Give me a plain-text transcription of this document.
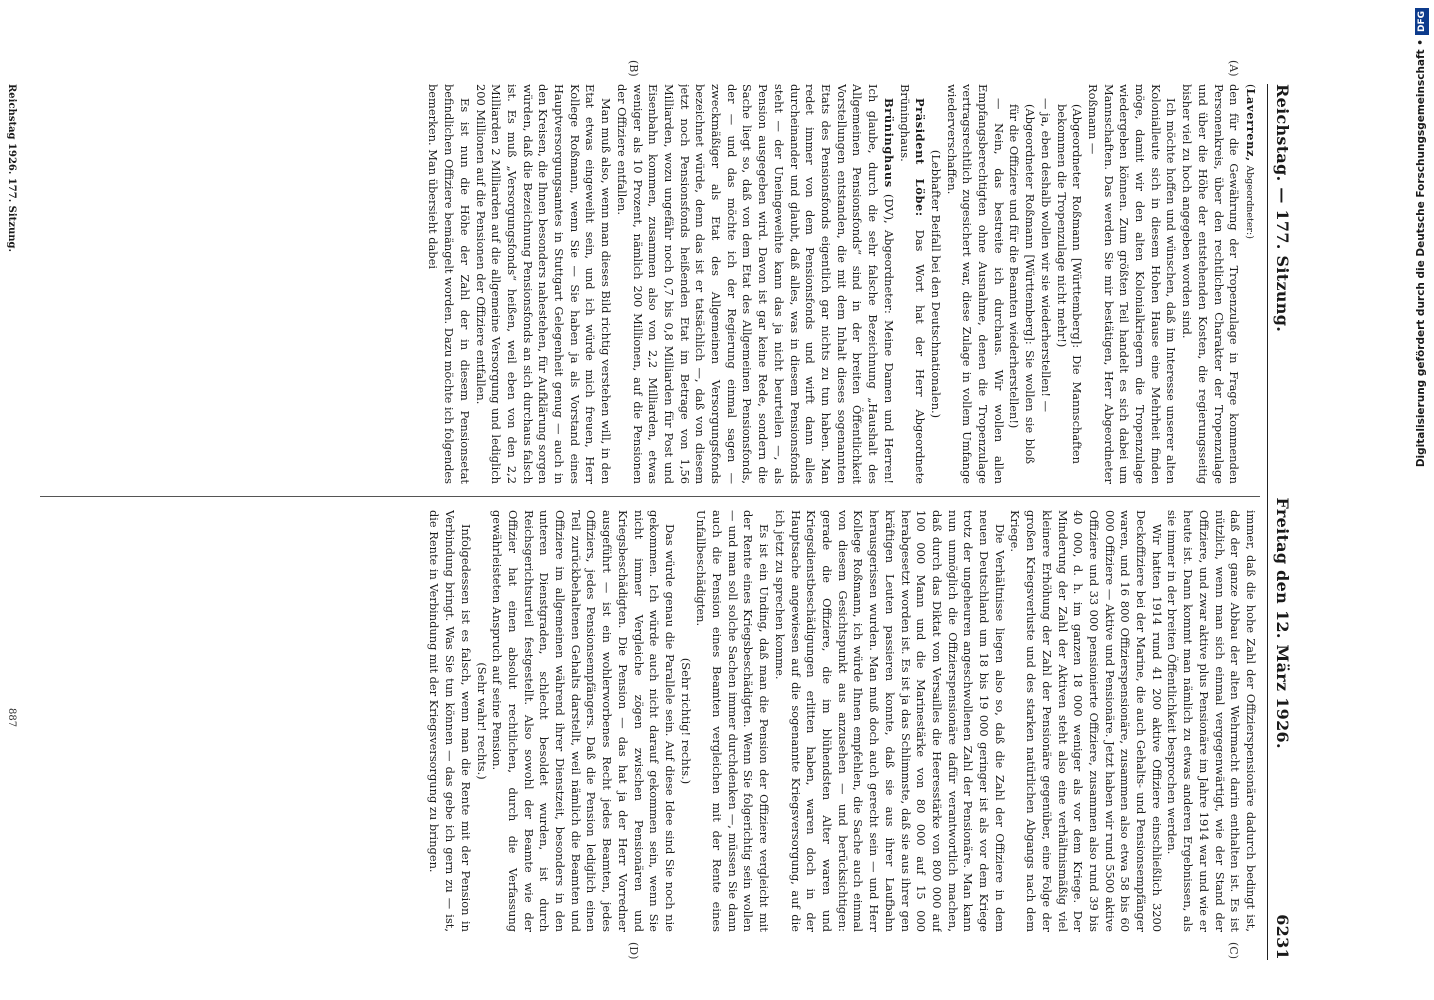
Reichstag. — 177. Sitzung.
Freitag den 12. März 1926.
6231
(A)
(B)
(C)
(D)

(Laverrenz, Abgeordneter:)

den für die Gewährung der Tropenzulage in Frage kommenden Personenkreis, über den rechtlichen Charakter der Tropenzulage und über die Höhe der entstehenden Kosten, die regierungsseitig bisher viel zu hoch angegeben worden sind.

Ich möchte hoffen und wünschen, daß im Interesse unserer alten Kolonialleute sich in diesem Hohen Hause eine Mehrheit finden möge, damit wir den alten Kolonialkriegern die Tropenzulage wiedergeben können. Zum größten Teil handelt es sich dabei um Mannschaften. Das werden Sie mir bestätigen, Herr Abgeordneter Roßmann —

(Abgeordneter Roßmann [Württemberg]: Die Mannschaften bekommen die Tropenzulage nicht mehr!)

— ja, eben deshalb wollen wir sie wiederherstellen! —

(Abgeordneter Roßmann [Württemberg]: Sie wollen sie bloß für die Offiziere und für die Beamten wiederherstellen!)

— Nein, das bestreite ich durchaus. Wir wollen allen Empfangsberechtigten ohne Ausnahme, denen die Tropenzulage vertragsrechtlich zugesichert war, diese Zulage in vollem Umfange wiederverschaffen.

(Lebhafter Beifall bei den Deutschnationalen.)

Präsident Löbe: Das Wort hat der Herr Abgeordnete Brüninghaus.

Brüninghaus (DV), Abgeordneter: Meine Damen und Herren! Ich glaube, durch die sehr falsche Bezeichnung „Haushalt des Allgemeinen Pensionsfonds“ sind in der breiten Öffentlichkeit Vorstellungen entstanden, die mit dem Inhalt dieses sogenannten Etats des Pensionsfonds eigentlich gar nichts zu tun haben. Man redet immer von dem Pensionsfonds und wirft dann alles durcheinander und glaubt, daß alles, was in diesem Pensionsfonds steht — der Uneingeweihte kann das ja nicht beurteilen —, als Pension ausgegeben wird. Davon ist gar keine Rede, sondern die Sache liegt so, daß von dem Etat des Allgemeinen Pensionsfonds, der — und das möchte ich der Regierung einmal sagen — zweckmäßiger als Etat des Allgemeinen Versorgungsfonds bezeichnet würde, denn das ist er tatsächlich —, daß von diesem jetzt noch Pensionsfonds heißenden Etat im Betrage von 1,56 Milliarden, wozu ungefähr noch 0,7 bis 0,8 Milliarden für Post und Eisenbahn kommen, zusammen also von 2,2 Milliarden, etwas weniger als 10 Prozent, nämlich 200 Millionen, auf die Pensionen der Offiziere entfallen.

Man muß also, wenn man dieses Bild richtig verstehen will, in den Etat etwas eingeweiht sein, und ich würde mich freuen, Herr Kollege Roßmann, wenn Sie — Sie haben ja als Vorstand eines Hauptversorgungsamtes in Stuttgart Gelegenheit genug — auch in den Kreisen, die Ihnen besonders nahestehen, für Aufklärung sorgen würden, daß die Bezeichnung Pensionsfonds an sich durchaus falsch ist. Es muß „Versorgungsfonds“ heißen, weil eben von den 2,2 Milliarden 2 Milliarden auf die allgemeine Versorgung und lediglich 200 Millionen auf die Pensionen der Offiziere entfallen.

Es ist nun die Höhe der Zahl der in diesem Pensionsetat befindlichen Offiziere bemängelt worden. Dazu möchte ich folgendes bemerken. Man übersieht dabei

immer, daß die hohe Zahl der Offizierspensionäre dadurch bedingt ist, daß der ganze Abbau der alten Wehrmacht darin enthalten ist. Es ist nützlich, wenn man sich einmal vergegenwärtigt, wie der Stand der Offiziere, und zwar aktive plus Pensionäre im Jahre 1914 war und wie er heute ist. Dann kommt man nämlich zu etwas anderen Ergebnissen, als sie immer in der breiten Öffentlichkeit besprochen werden.

Wir hatten 1914 rund 41 200 aktive Offiziere einschließlich 3200 Deckoffiziere bei der Marine, die auch Gehalts- und Pensionsempfänger waren, und 16 800 Offizierspensionäre, zusammen also etwa 58 bis 60 000 Offiziere — Aktive und Pensionäre. Jetzt haben wir rund 5500 aktive Offiziere und 33 000 pensionierte Offiziere, zusammen also rund 39 bis 40 000, d. h. im ganzen 18 000 weniger als vor dem Kriege. Der Minderung der Zahl der Aktiven steht also eine verhältnismäßig viel kleinere Erhöhung der Zahl der Pensionäre gegenüber, eine Folge der großen Kriegsverluste und des starken natürlichen Abgangs nach dem Kriege.

Die Verhältnisse liegen also so, daß die Zahl der Offiziere in dem neuen Deutschland um 18 bis 19 000 geringer ist als vor dem Kriege trotz der ungeheuren angeschwollenen Zahl der Pensionäre. Man kann nun unmöglich die Offizierspensionäre dafür verantwortlich machen, daß durch das Diktat von Versailles die Heeresstärke von 800 000 auf 100 000 Mann und die Marinestärke von 80 000 auf 15 000 herabgesetzt worden ist. Es ist ja das Schlimmste, daß sie aus ihrer gen kräftigen Leuten passieren konnte, daß sie aus ihrer Laufbahn herausgerissen wurden. Man muß doch auch gerecht sein — und Herr Kollege Roßmann, ich würde Ihnen empfehlen, die Sache auch einmal von diesem Gesichtspunkt aus anzusehen — und berücksichtigen: gerade die Offiziere, die im blühendsten Alter waren und Kriegsdienstbeschädigungen erlitten haben, waren doch in der Hauptsache angewiesen auf die sogenannte Kriegsversorgung, auf die ich jetzt zu sprechen komme.

Es ist ein Unding, daß man die Pension der Offiziere vergleicht mit der Rente eines Kriegsbeschädigten. Wenn Sie folgerichtig sein wollen — und man soll solche Sachen immer durchdenken —, müssen Sie dann auch die Pension eines Beamten vergleichen mit der Rente eines Unfallbeschädigten.

(Sehr richtig! rechts.)

Das würde genau die Parallele sein. Auf diese Idee sind Sie noch nie gekommen. Ich würde auch nicht darauf gekommen sein, wenn Sie nicht immer Vergleiche zögen zwischen Pensionären und Kriegsbeschädigten. Die Pension — das hat ja der Herr Vorredner ausgeführt — ist ein wohlerworbenes Recht jedes Beamten, jedes Offiziers, jedes Pensionsempfängers. Daß die Pension lediglich einen Teil zurückbehaltenen Gehalts darstellt, weil nämlich die Beamten und Offiziere im allgemeinen während ihrer Dienstzeit, besonders in den unteren Dienstgraden, schlecht besoldet wurden, ist durch Reichsgerichtsurteil festgestellt. Also sowohl der Beamte wie der Offizier hat einen absolut rechtlichen, durch die Verfassung gewährleisteten Anspruch auf seine Pension.

(Sehr wahr! rechts.)

Infolgedessen ist es falsch, wenn man die Rente mit der Pension in Verbindung bringt. Was Sie tun können — das gebe ich gern zu — ist, die Rente in Verbindung mit der Kriegsversorgung zu bringen.

Reichstag 1926. 177. Sitzung.
887
Digitalisierung gefördert durch die Deutsche Forschungsgemeinschaft •DFG
